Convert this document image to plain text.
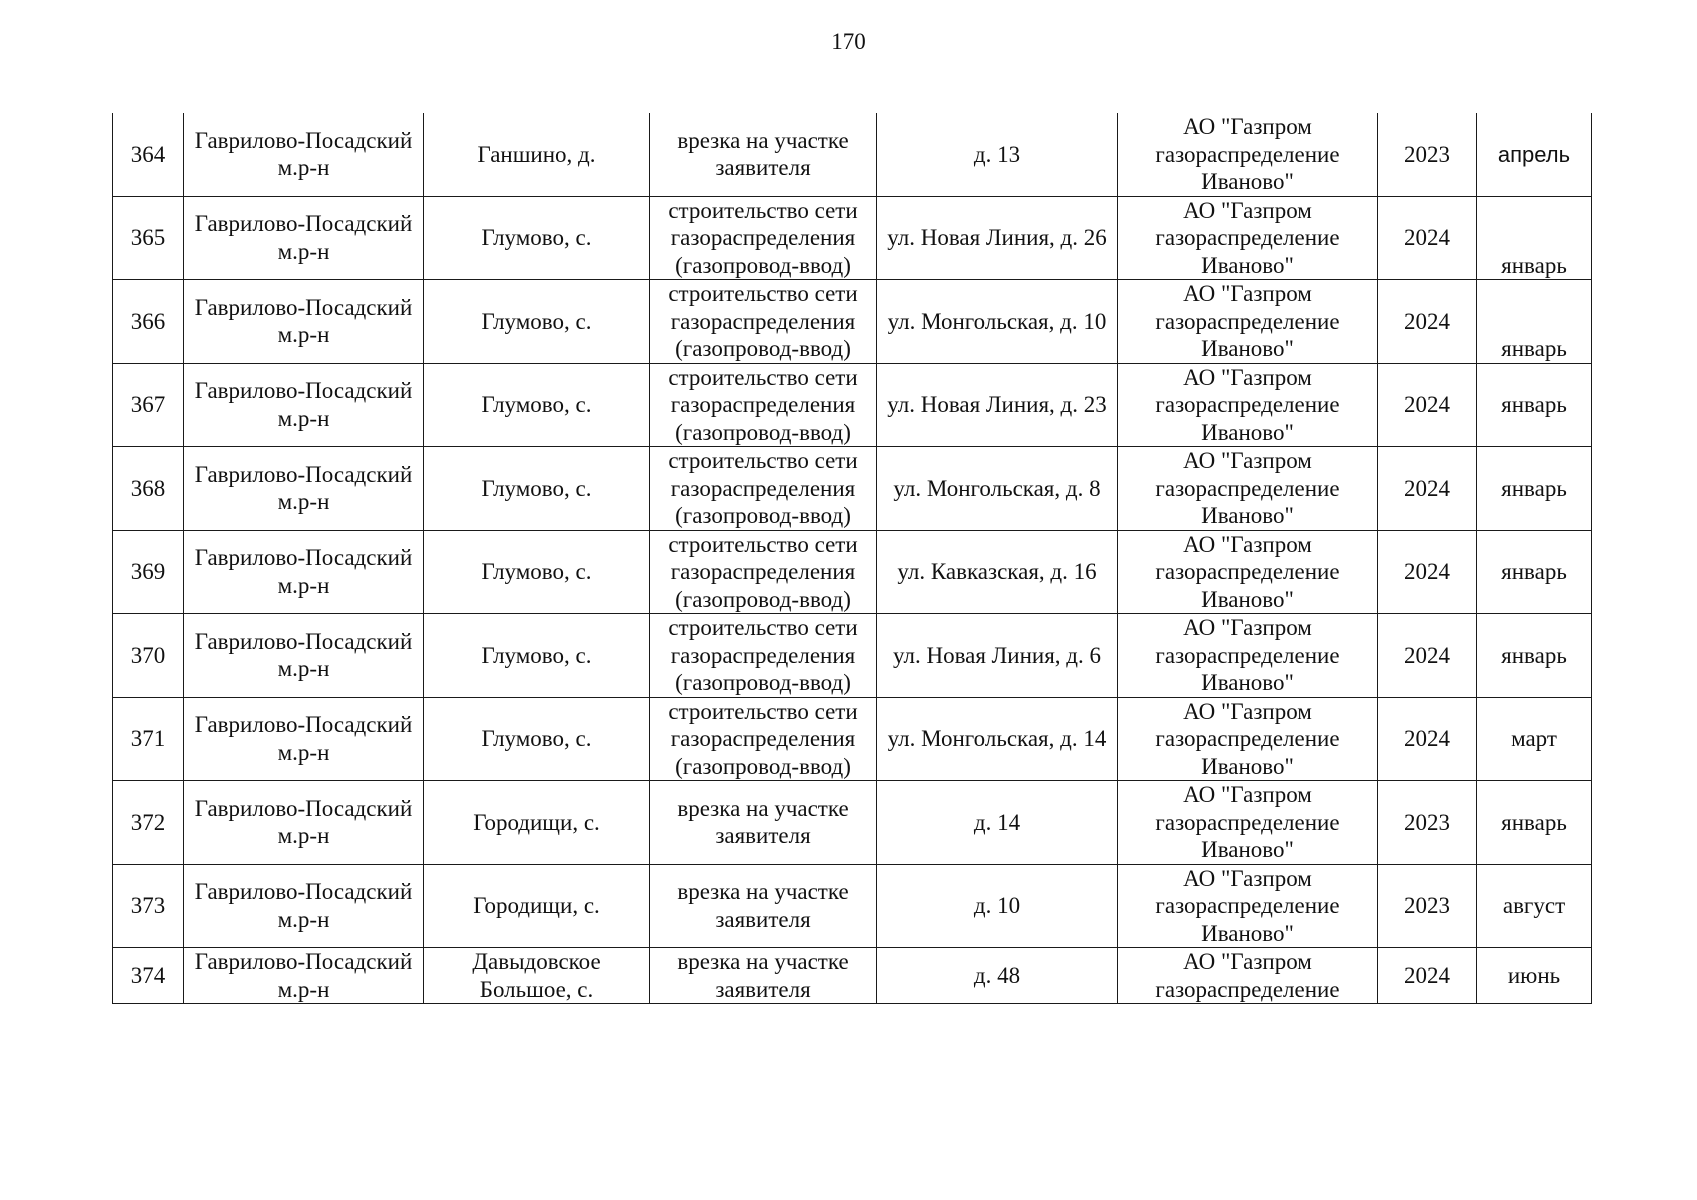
170
364	Гаврилово-Посадский м.р-н	Ганшино, д.	врезка на участке заявителя	д. 13	АО "Газпром газораспределение Иваново"	2023	апрель
365	Гаврилово-Посадский м.р-н	Глумово, с.	строительство сети газораспределения (газопровод-ввод)	ул. Новая Линия, д. 26	АО "Газпром газораспределение Иваново"	2024	январь
366	Гаврилово-Посадский м.р-н	Глумово, с.	строительство сети газораспределения (газопровод-ввод)	ул. Монгольская, д. 10	АО "Газпром газораспределение Иваново"	2024	январь
367	Гаврилово-Посадский м.р-н	Глумово, с.	строительство сети газораспределения (газопровод-ввод)	ул. Новая Линия, д. 23	АО "Газпром газораспределение Иваново"	2024	январь
368	Гаврилово-Посадский м.р-н	Глумово, с.	строительство сети газораспределения (газопровод-ввод)	ул. Монгольская, д. 8	АО "Газпром газораспределение Иваново"	2024	январь
369	Гаврилово-Посадский м.р-н	Глумово, с.	строительство сети газораспределения (газопровод-ввод)	ул. Кавказская, д. 16	АО "Газпром газораспределение Иваново"	2024	январь
370	Гаврилово-Посадский м.р-н	Глумово, с.	строительство сети газораспределения (газопровод-ввод)	ул. Новая Линия, д. 6	АО "Газпром газораспределение Иваново"	2024	январь
371	Гаврилово-Посадский м.р-н	Глумово, с.	строительство сети газораспределения (газопровод-ввод)	ул. Монгольская, д. 14	АО "Газпром газораспределение Иваново"	2024	март
372	Гаврилово-Посадский м.р-н	Городищи, с.	врезка на участке заявителя	д. 14	АО "Газпром газораспределение Иваново"	2023	январь
373	Гаврилово-Посадский м.р-н	Городищи, с.	врезка на участке заявителя	д. 10	АО "Газпром газораспределение Иваново"	2023	август
374	Гаврилово-Посадский м.р-н	Давыдовское Большое, с.	врезка на участке заявителя	д. 48	АО "Газпром газораспределение	2024	июнь
